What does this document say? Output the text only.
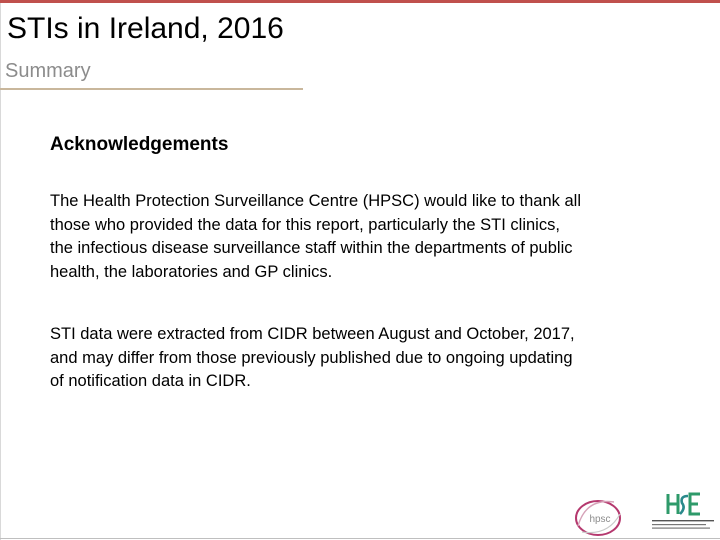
STIs in Ireland, 2016
Summary
Acknowledgements
The Health Protection Surveillance Centre (HPSC) would like to thank all
those who provided the data for this report, particularly the STI clinics,
the infectious disease surveillance staff within the departments of public
health, the laboratories and GP clinics.
STI data were extracted from CIDR between August and October, 2017,
and may differ from those previously published due to ongoing updating
of notification data in CIDR.
hpsc
